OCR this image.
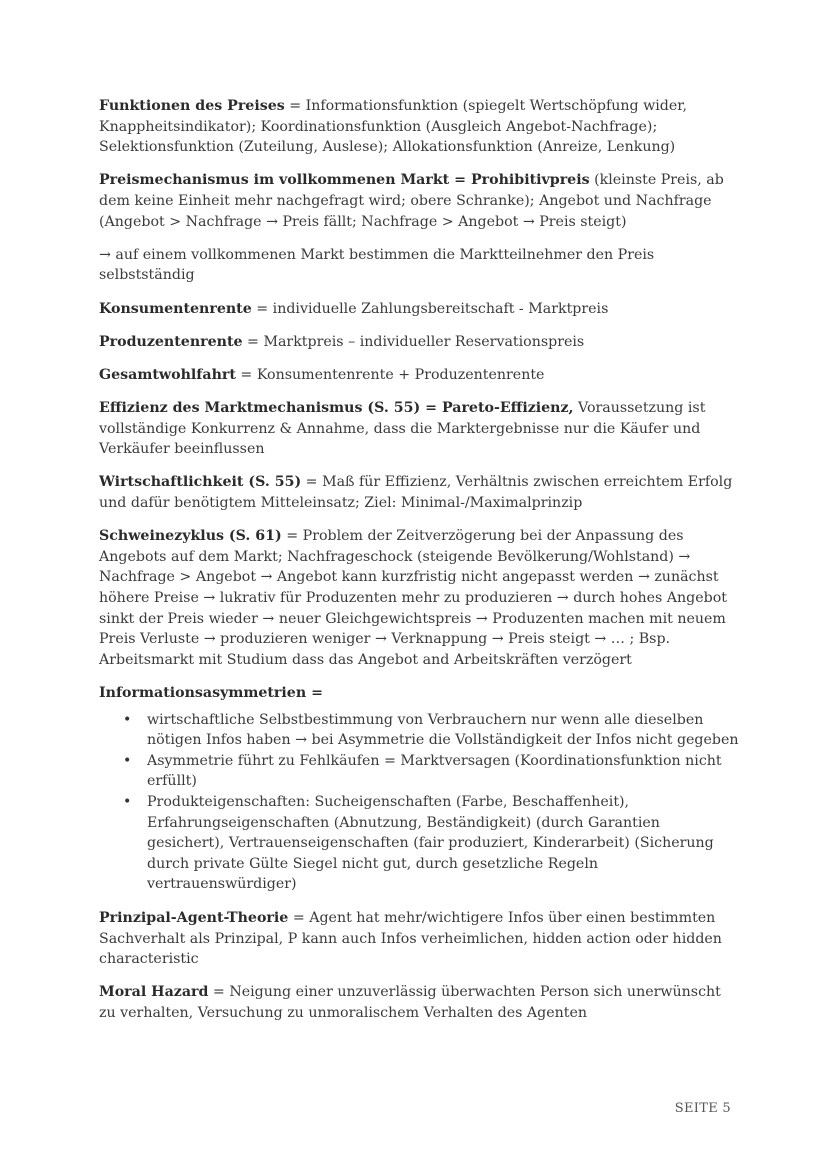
Funktionen des Preises = Informationsfunktion (spiegelt Wertschöpfung wider, Knappheitsindikator); Koordinationsfunktion (Ausgleich Angebot-Nachfrage); Selektionsfunktion (Zuteilung, Auslese); Allokationsfunktion (Anreize, Lenkung)

Preismechanismus im vollkommenen Markt = Prohibitivpreis (kleinste Preis, ab dem keine Einheit mehr nachgefragt wird; obere Schranke); Angebot und Nachfrage (Angebot > Nachfrage → Preis fällt; Nachfrage > Angebot → Preis steigt)

→ auf einem vollkommenen Markt bestimmen die Marktteilnehmer den Preis selbstständig

Konsumentenrente = individuelle Zahlungsbereitschaft - Marktpreis

Produzentenrente = Marktpreis – individueller Reservationspreis

Gesamtwohlfahrt = Konsumentenrente + Produzentenrente

Effizienz des Marktmechanismus (S. 55) = Pareto-Effizienz, Voraussetzung ist vollständige Konkurrenz & Annahme, dass die Marktergebnisse nur die Käufer und Verkäufer beeinflussen

Wirtschaftlichkeit (S. 55) = Maß für Effizienz, Verhältnis zwischen erreichtem Erfolg und dafür benötigtem Mitteleinsatz; Ziel: Minimal-/Maximalprinzip

Schweinezyklus (S. 61) = Problem der Zeitverzögerung bei der Anpassung des Angebots auf dem Markt; Nachfrageschock (steigende Bevölkerung/Wohlstand) → Nachfrage > Angebot → Angebot kann kurzfristig nicht angepasst werden → zunächst höhere Preise → lukrativ für Produzenten mehr zu produzieren → durch hohes Angebot sinkt der Preis wieder → neuer Gleichgewichtspreis → Produzenten machen mit neuem Preis Verluste → produzieren weniger → Verknappung → Preis steigt → … ; Bsp. Arbeitsmarkt mit Studium dass das Angebot and Arbeitskräften verzögert

Informationsasymmetrien =

• wirtschaftliche Selbstbestimmung von Verbrauchern nur wenn alle dieselben nötigen Infos haben → bei Asymmetrie die Vollständigkeit der Infos nicht gegeben
• Asymmetrie führt zu Fehlkäufen = Marktversagen (Koordinationsfunktion nicht erfüllt)
• Produkteigenschaften: Sucheigenschaften (Farbe, Beschaffenheit), Erfahrungseigenschaften (Abnutzung, Beständigkeit) (durch Garantien gesichert), Vertrauenseigenschaften (fair produziert, Kinderarbeit) (Sicherung durch private Gülte Siegel nicht gut, durch gesetzliche Regeln vertrauenswürdiger)

Prinzipal-Agent-Theorie = Agent hat mehr/wichtigere Infos über einen bestimmten Sachverhalt als Prinzipal, P kann auch Infos verheimlichen, hidden action oder hidden characteristic

Moral Hazard = Neigung einer unzuverlässig überwachten Person sich unerwünscht zu verhalten, Versuchung zu unmoralischem Verhalten des Agenten

SEITE 5
